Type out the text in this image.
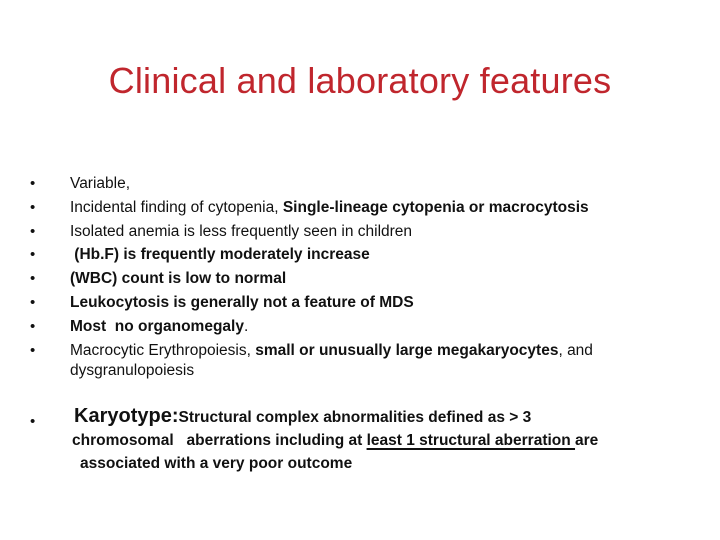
Clinical and laboratory features
• Variable,
• Incidental finding of cytopenia, Single-lineage cytopenia or macrocytosis
• Isolated anemia is less frequently seen in children
• (Hb.F) is frequently moderately increase
• (WBC) count is low to normal
• Leukocytosis is generally not a feature of MDS
• Most  no organomegaly.
• Macrocytic Erythropoiesis, small or unusually large megakaryocytes, and
dysgranulopoiesis
• Karyotype:Structural complex abnormalities defined as > 3
chromosomal   aberrations including at least 1 structural aberration are
associated with a very poor outcome
